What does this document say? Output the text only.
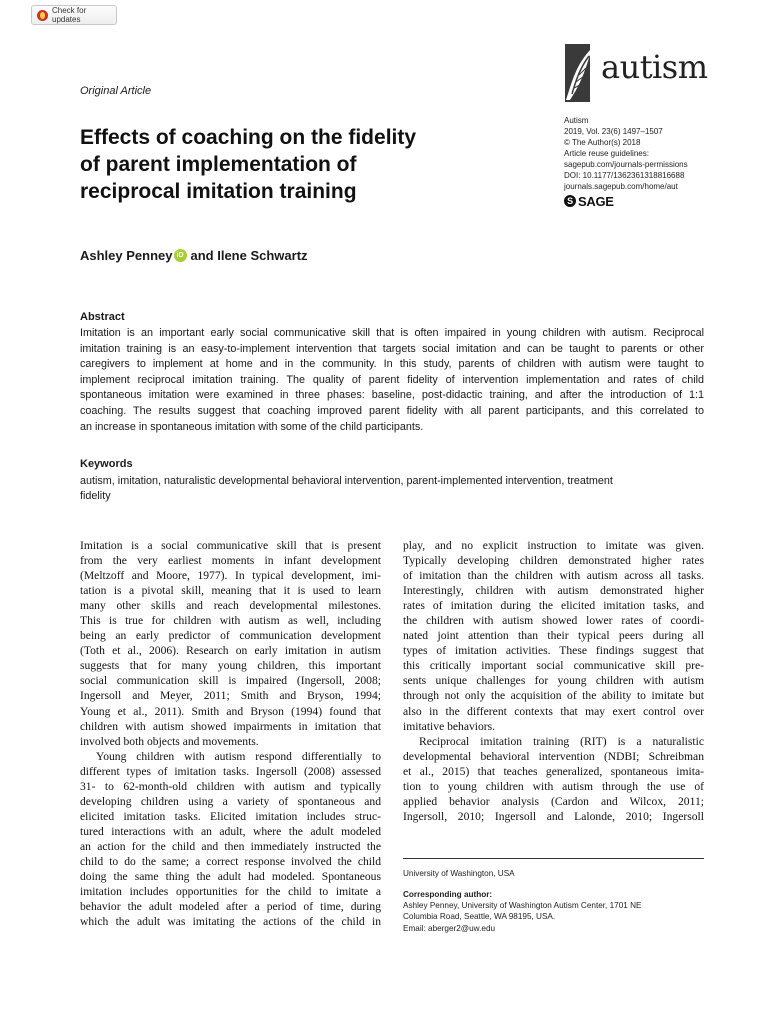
Check for updates
Original Article
autism
Autism
2019, Vol. 23(6) 1497–1507
© The Author(s) 2018
Article reuse guidelines:
sagepub.com/journals-permissions
DOI: 10.1177/1362361318816688
journals.sagepub.com/home/aut
S SAGE
Effects of coaching on the fidelity
of parent implementation of
reciprocal imitation training
Ashley Penney iD and Ilene Schwartz
Abstract
Imitation is an important early social communicative skill that is often impaired in young children with autism. Reciprocal
imitation training is an easy-to-implement intervention that targets social imitation and can be taught to parents or other
caregivers to implement at home and in the community. In this study, parents of children with autism were taught to
implement reciprocal imitation training. The quality of parent fidelity of intervention implementation and rates of child
spontaneous imitation were examined in three phases: baseline, post-didactic training, and after the introduction of 1:1
coaching. The results suggest that coaching improved parent fidelity with all parent participants, and this correlated to
an increase in spontaneous imitation with some of the child participants.
Keywords
autism, imitation, naturalistic developmental behavioral intervention, parent-implemented intervention, treatment
fidelity
Imitation is a social communicative skill that is present
from the very earliest moments in infant development
(Meltzoff and Moore, 1977). In typical development, imi-
tation is a pivotal skill, meaning that it is used to learn
many other skills and reach developmental milestones.
This is true for children with autism as well, including
being an early predictor of communication development
(Toth et al., 2006). Research on early imitation in autism
suggests that for many young children, this important
social communication skill is impaired (Ingersoll, 2008;
Ingersoll and Meyer, 2011; Smith and Bryson, 1994;
Young et al., 2011). Smith and Bryson (1994) found that
children with autism showed impairments in imitation that
involved both objects and movements.
Young children with autism respond differentially to
different types of imitation tasks. Ingersoll (2008) assessed
31- to 62-month-old children with autism and typically
developing children using a variety of spontaneous and
elicited imitation tasks. Elicited imitation includes struc-
tured interactions with an adult, where the adult modeled
an action for the child and then immediately instructed the
child to do the same; a correct response involved the child
doing the same thing the adult had modeled. Spontaneous
imitation includes opportunities for the child to imitate a
behavior the adult modeled after a period of time, during
which the adult was imitating the actions of the child in
play, and no explicit instruction to imitate was given.
Typically developing children demonstrated higher rates
of imitation than the children with autism across all tasks.
Interestingly, children with autism demonstrated higher
rates of imitation during the elicited imitation tasks, and
the children with autism showed lower rates of coordi-
nated joint attention than their typical peers during all
types of imitation activities. These findings suggest that
this critically important social communicative skill pre-
sents unique challenges for young children with autism
through not only the acquisition of the ability to imitate but
also in the different contexts that may exert control over
imitative behaviors.
Reciprocal imitation training (RIT) is a naturalistic
developmental behavioral intervention (NDBI; Schreibman
et al., 2015) that teaches generalized, spontaneous imita-
tion to young children with autism through the use of
applied behavior analysis (Cardon and Wilcox, 2011;
Ingersoll, 2010; Ingersoll and Lalonde, 2010; Ingersoll
University of Washington, USA
Corresponding author:
Ashley Penney, University of Washington Autism Center, 1701 NE
Columbia Road, Seattle, WA 98195, USA.
Email: aberger2@uw.edu
